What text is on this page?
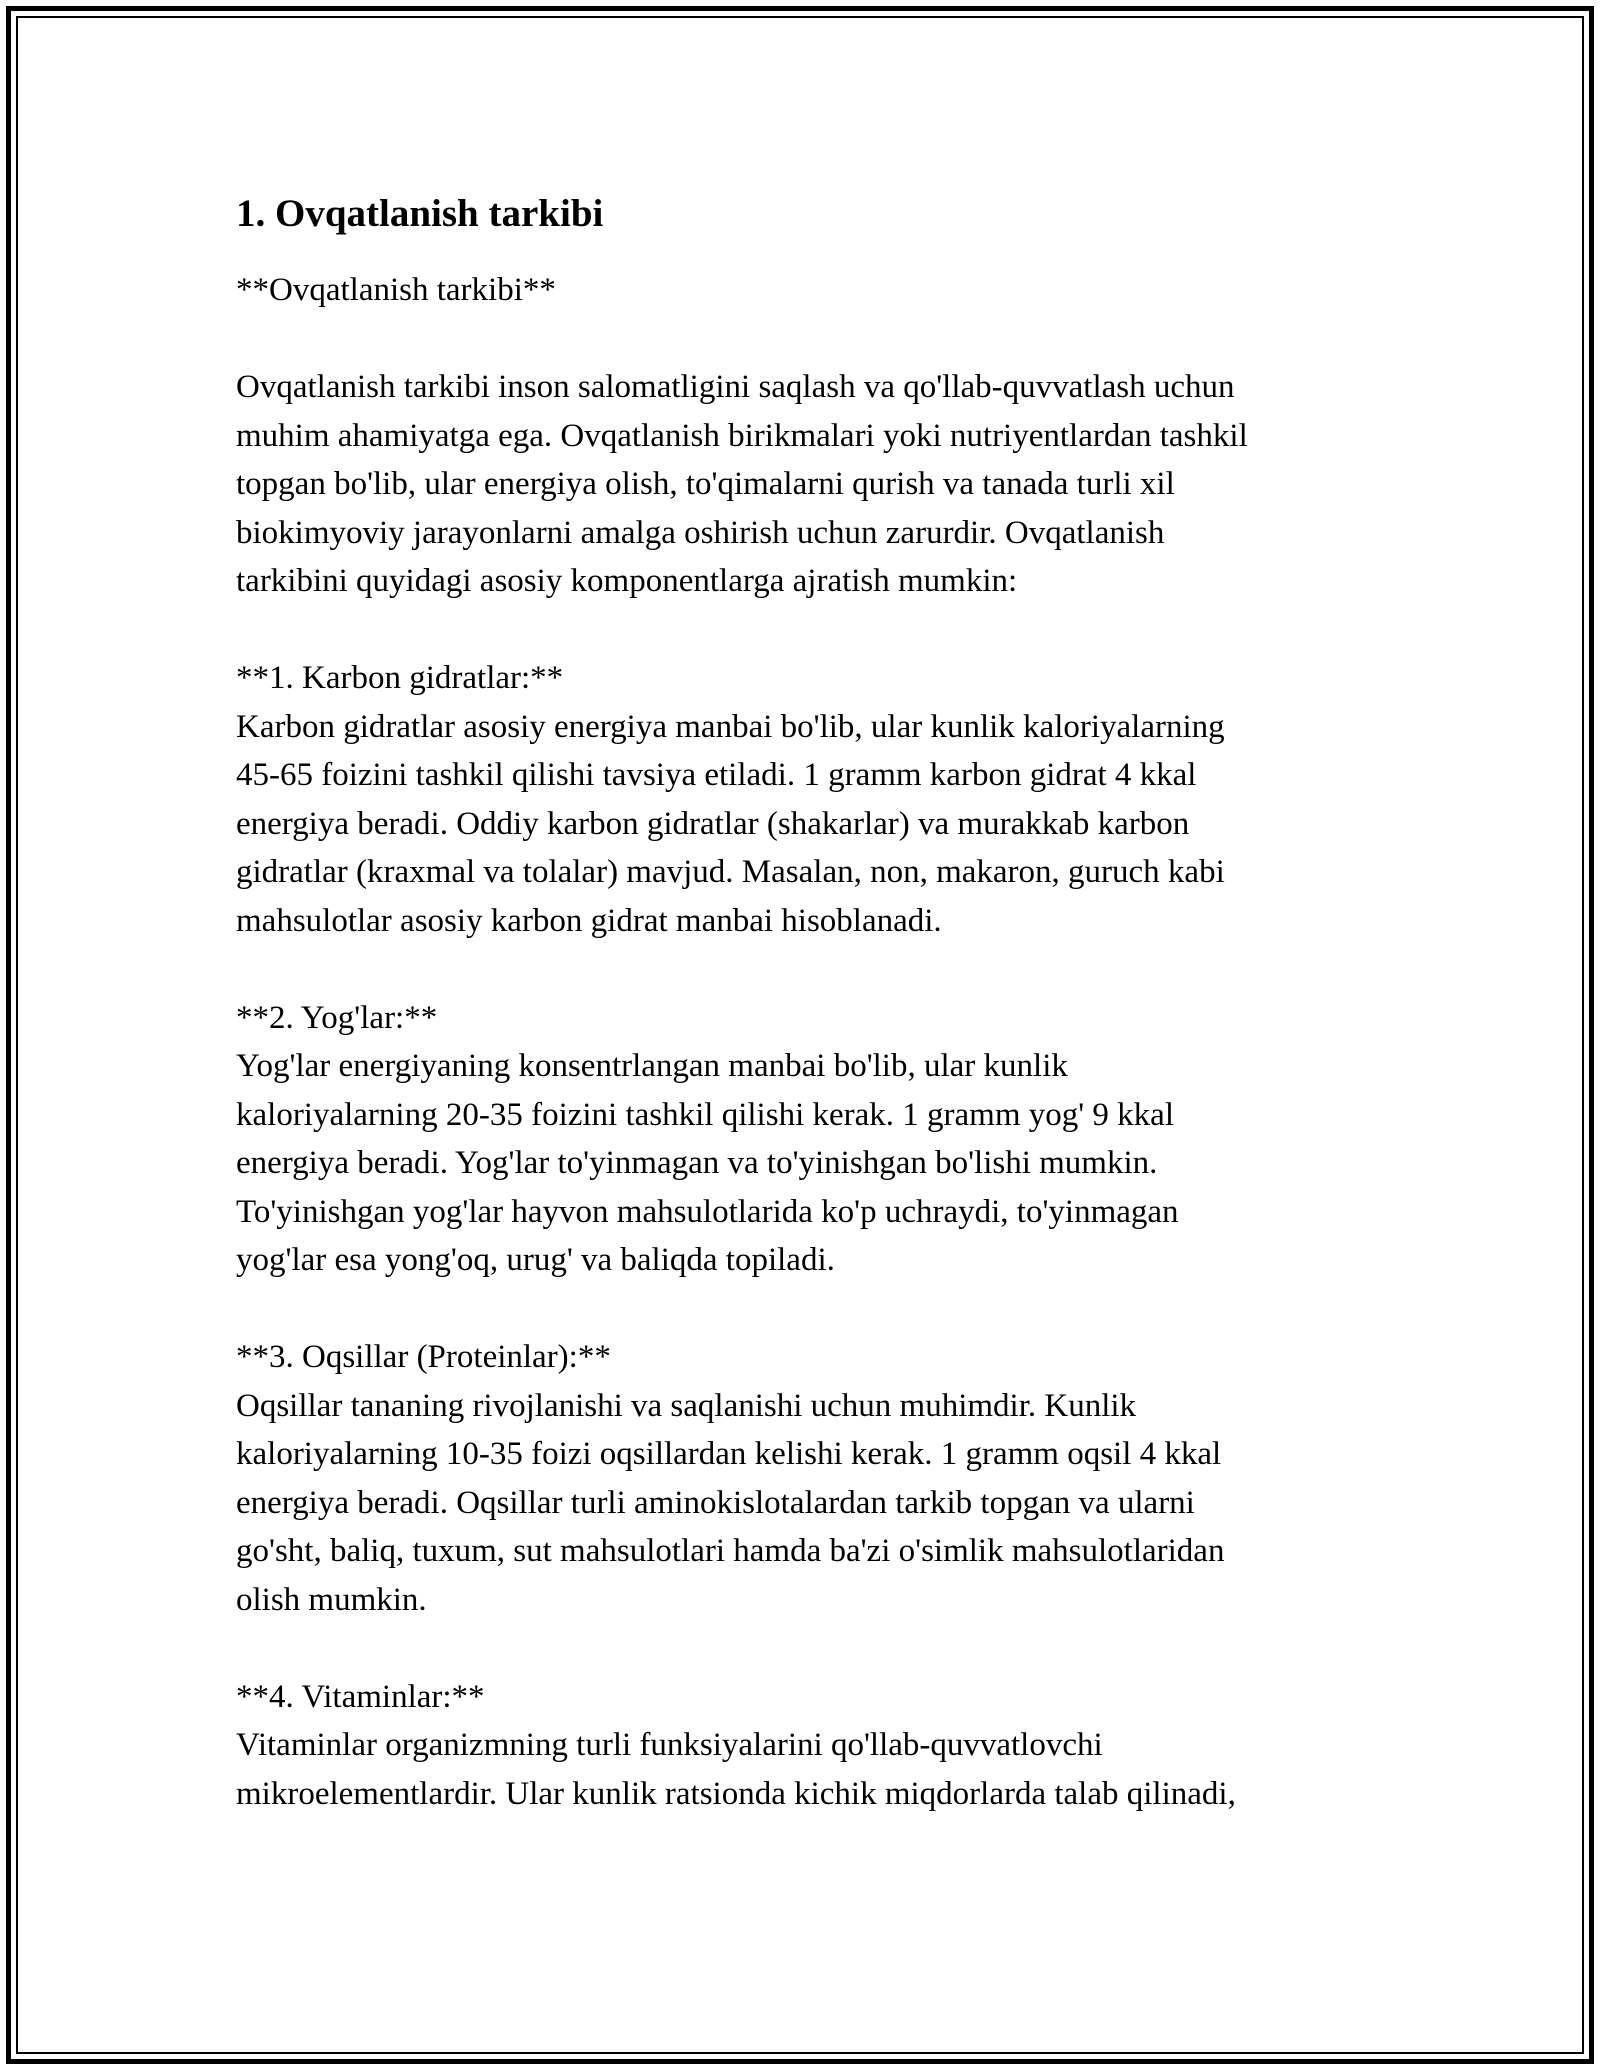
1. Ovqatlanish tarkibi

**Ovqatlanish tarkibi**

Ovqatlanish tarkibi inson salomatligini saqlash va qo'llab-quvvatlash uchun
muhim ahamiyatga ega. Ovqatlanish birikmalari yoki nutriyentlardan tashkil
topgan bo'lib, ular energiya olish, to'qimalarni qurish va tanada turli xil
biokimyoviy jarayonlarni amalga oshirish uchun zarurdir. Ovqatlanish
tarkibini quyidagi asosiy komponentlarga ajratish mumkin:

**1. Karbon gidratlar:**

Karbon gidratlar asosiy energiya manbai bo'lib, ular kunlik kaloriyalarning
45-65 foizini tashkil qilishi tavsiya etiladi. 1 gramm karbon gidrat 4 kkal
energiya beradi. Oddiy karbon gidratlar (shakarlar) va murakkab karbon
gidratlar (kraxmal va tolalar) mavjud. Masalan, non, makaron, guruch kabi
mahsulotlar asosiy karbon gidrat manbai hisoblanadi.

**2. Yog'lar:**

Yog'lar energiyaning konsentrlangan manbai bo'lib, ular kunlik
kaloriyalarning 20-35 foizini tashkil qilishi kerak. 1 gramm yog' 9 kkal
energiya beradi. Yog'lar to'yinmagan va to'yinishgan bo'lishi mumkin.
To'yinishgan yog'lar hayvon mahsulotlarida ko'p uchraydi, to'yinmagan
yog'lar esa yong'oq, urug' va baliqda topiladi.

**3. Oqsillar (Proteinlar):**

Oqsillar tananing rivojlanishi va saqlanishi uchun muhimdir. Kunlik
kaloriyalarning 10-35 foizi oqsillardan kelishi kerak. 1 gramm oqsil 4 kkal
energiya beradi. Oqsillar turli aminokislotalardan tarkib topgan va ularni
go'sht, baliq, tuxum, sut mahsulotlari hamda ba'zi o'simlik mahsulotlaridan
olish mumkin.

**4. Vitaminlar:**

Vitaminlar organizmning turli funksiyalarini qo'llab-quvvatlovchi
mikroelementlardir. Ular kunlik ratsionda kichik miqdorlarda talab qilinadi,
